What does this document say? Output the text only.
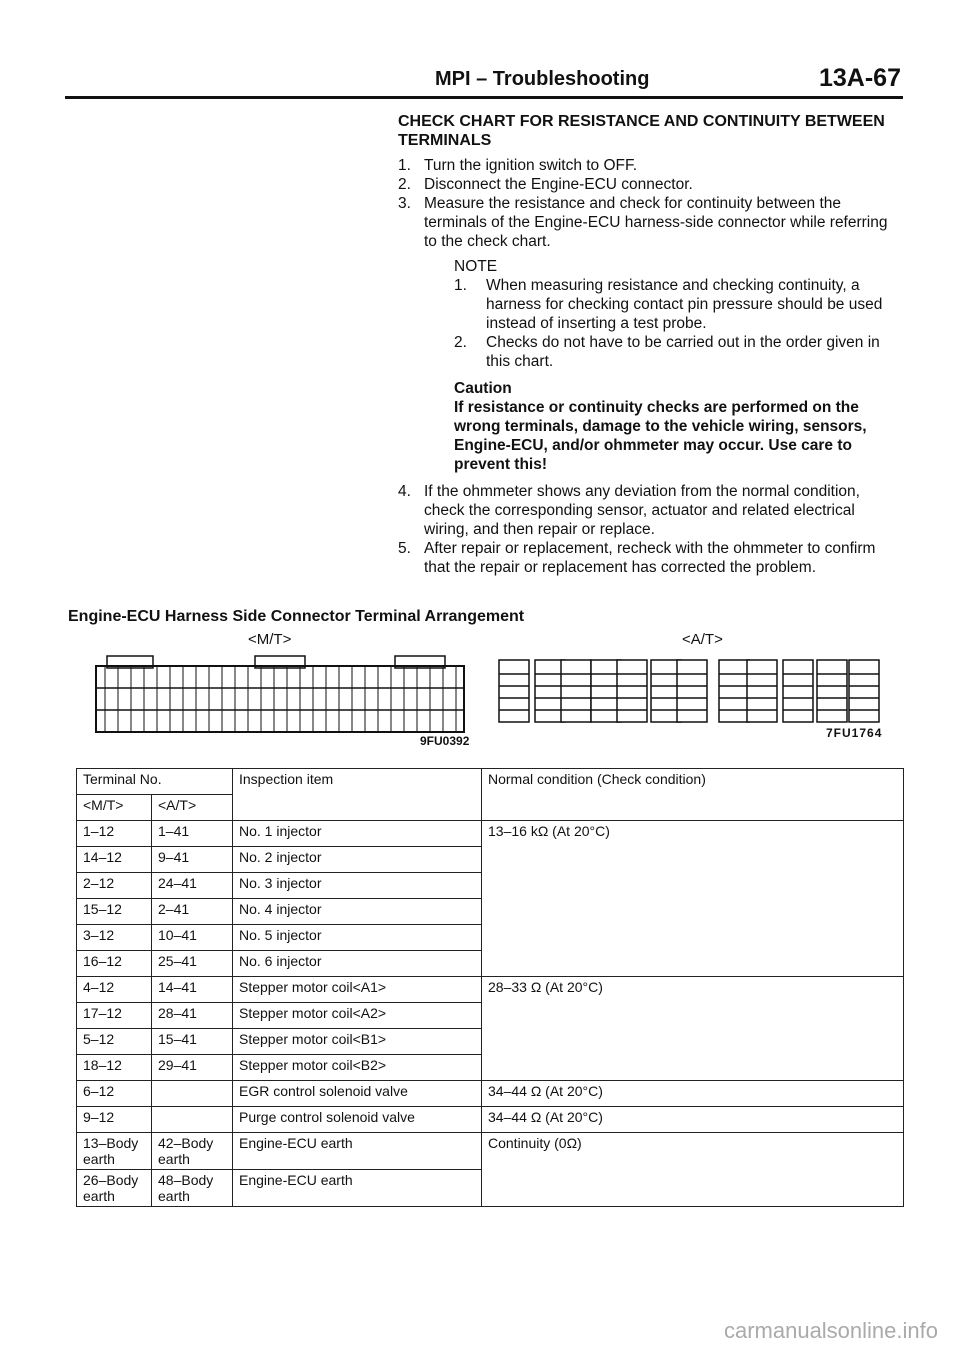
MPI – Troubleshooting	13A-67
CHECK CHART FOR RESISTANCE AND CONTINUITY BETWEEN TERMINALS
1. Turn the ignition switch to OFF.
2. Disconnect the Engine-ECU connector.
3. Measure the resistance and check for continuity between the terminals of the Engine-ECU harness-side connector while referring to the check chart.
NOTE
1.	When measuring resistance and checking continuity, a harness for checking contact pin pressure should be used instead of inserting a test probe.
2.	Checks do not have to be carried out in the order given in this chart.
Caution
If resistance or continuity checks are performed on the wrong terminals, damage to the vehicle wiring, sensors, Engine-ECU, and/or ohmmeter may occur. Use care to prevent this!
4. If the ohmmeter shows any deviation from the normal condition, check the corresponding sensor, actuator and related electrical wiring, and then repair or replace.
5. After repair or replacement, recheck with the ohmmeter to confirm that the repair or replacement has corrected the problem.
Engine-ECU Harness Side Connector Terminal Arrangement
<M/T>	<A/T>
9FU0392
7FU1764
Terminal No.		Inspection item	Normal condition (Check condition)
<M/T>	<A/T>		
1–12	1–41	No. 1 injector	13–16 kΩ (At 20°C)
14–12	9–41	No. 2 injector	
2–12	24–41	No. 3 injector	
15–12	2–41	No. 4 injector	
3–12	10–41	No. 5 injector	
16–12	25–41	No. 6 injector	
4–12	14–41	Stepper motor coil<A1>	28–33 Ω (At 20°C)
17–12	28–41	Stepper motor coil<A2>	
5–12	15–41	Stepper motor coil<B1>	
18–12	29–41	Stepper motor coil<B2>	
6–12		EGR control solenoid valve	34–44 Ω (At 20°C)
9–12		Purge control solenoid valve	34–44 Ω (At 20°C)
13–Body earth	42–Body earth	Engine-ECU earth	Continuity (0Ω)
26–Body earth	48–Body earth	Engine-ECU earth	
carmanualsonline.info
